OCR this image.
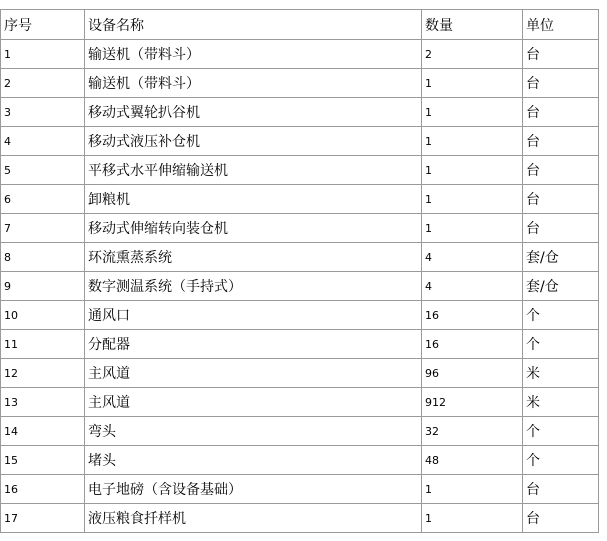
序号	设备名称	数量	单位
1	输送机（带料斗）	2	台
2	输送机（带料斗）	1	台
3	移动式翼轮扒谷机	1	台
4	移动式液压补仓机	1	台
5	平移式水平伸缩输送机	1	台
6	卸粮机	1	台
7	移动式伸缩转向装仓机	1	台
8	环流熏蒸系统	4	套/仓
9	数字测温系统（手持式）	4	套/仓
10	通风口	16	个
11	分配器	16	个
12	主风道	96	米
13	主风道	912	米
14	弯头	32	个
15	堵头	48	个
16	电子地磅（含设备基础）	1	台
17	液压粮食扦样机	1	台
